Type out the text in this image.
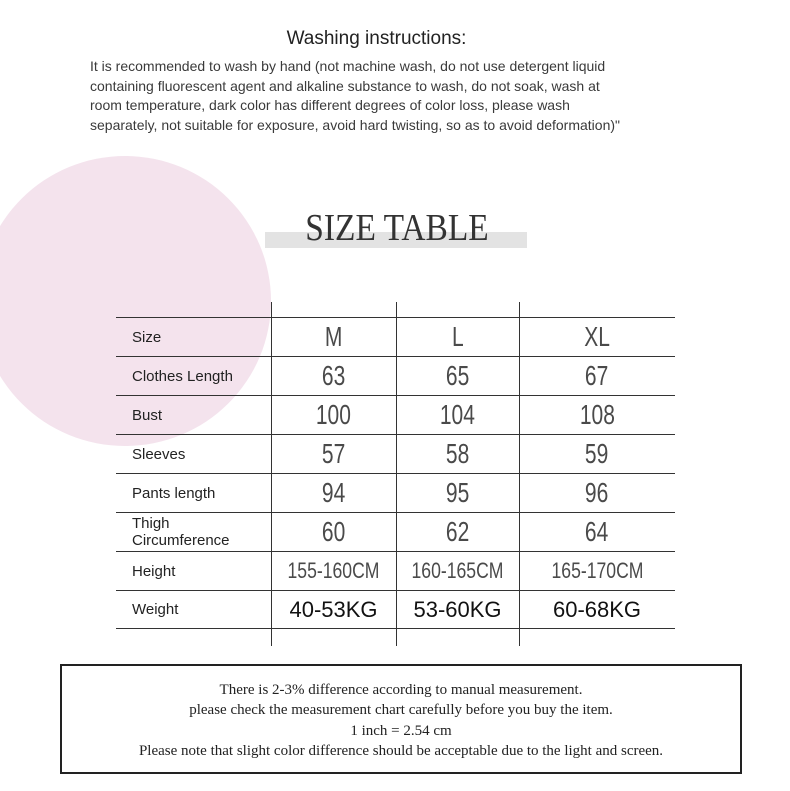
Washing instructions:
It is recommended to wash by hand (not machine wash, do not use detergent liquid
containing fluorescent agent and alkaline substance to wash, do not soak, wash at
room temperature, dark color has different degrees of color loss, please wash
separately, not suitable for exposure, avoid hard twisting, so as to avoid deformation)"
SIZE TABLE
Size	M	L	XL
Clothes Length	63	65	67
Bust	100	104	108
Sleeves	57	58	59
Pants length	94	95	96
Thigh Circumference	60	62	64
Height	155-160CM 160-165CM 165-170CM
Weight	40-53KG 53-60KG 60-68KG
There is 2-3% difference according to manual measurement.
please check the measurement chart carefully before you buy the item.
1 inch = 2.54 cm
Please note that slight color difference should be acceptable due to the light and screen.
